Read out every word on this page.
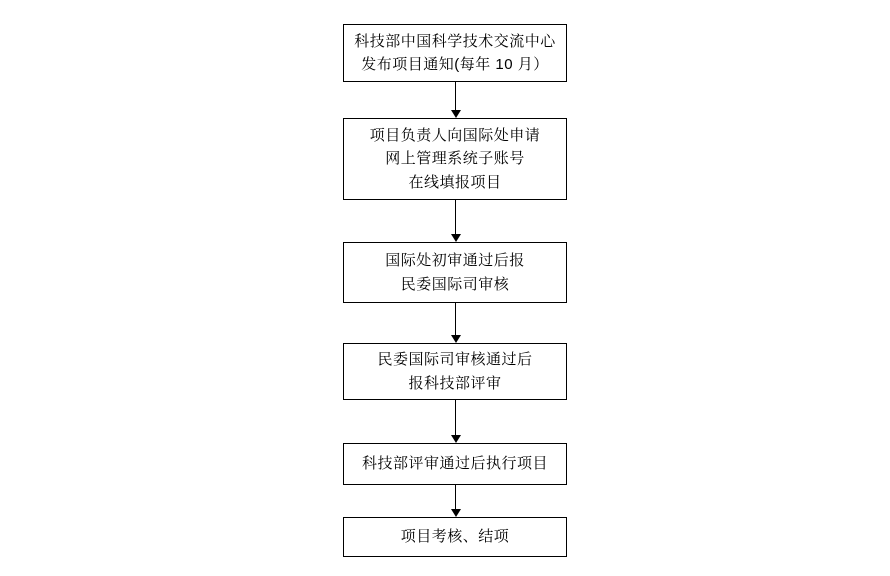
科技部中国科学技术交流中心
发布项目通知(每年 10 月）
项目负责人向国际处申请
网上管理系统子账号
在线填报项目
国际处初审通过后报
民委国际司审核
民委国际司审核通过后
报科技部评审
科技部评审通过后执行项目
项目考核、结项
